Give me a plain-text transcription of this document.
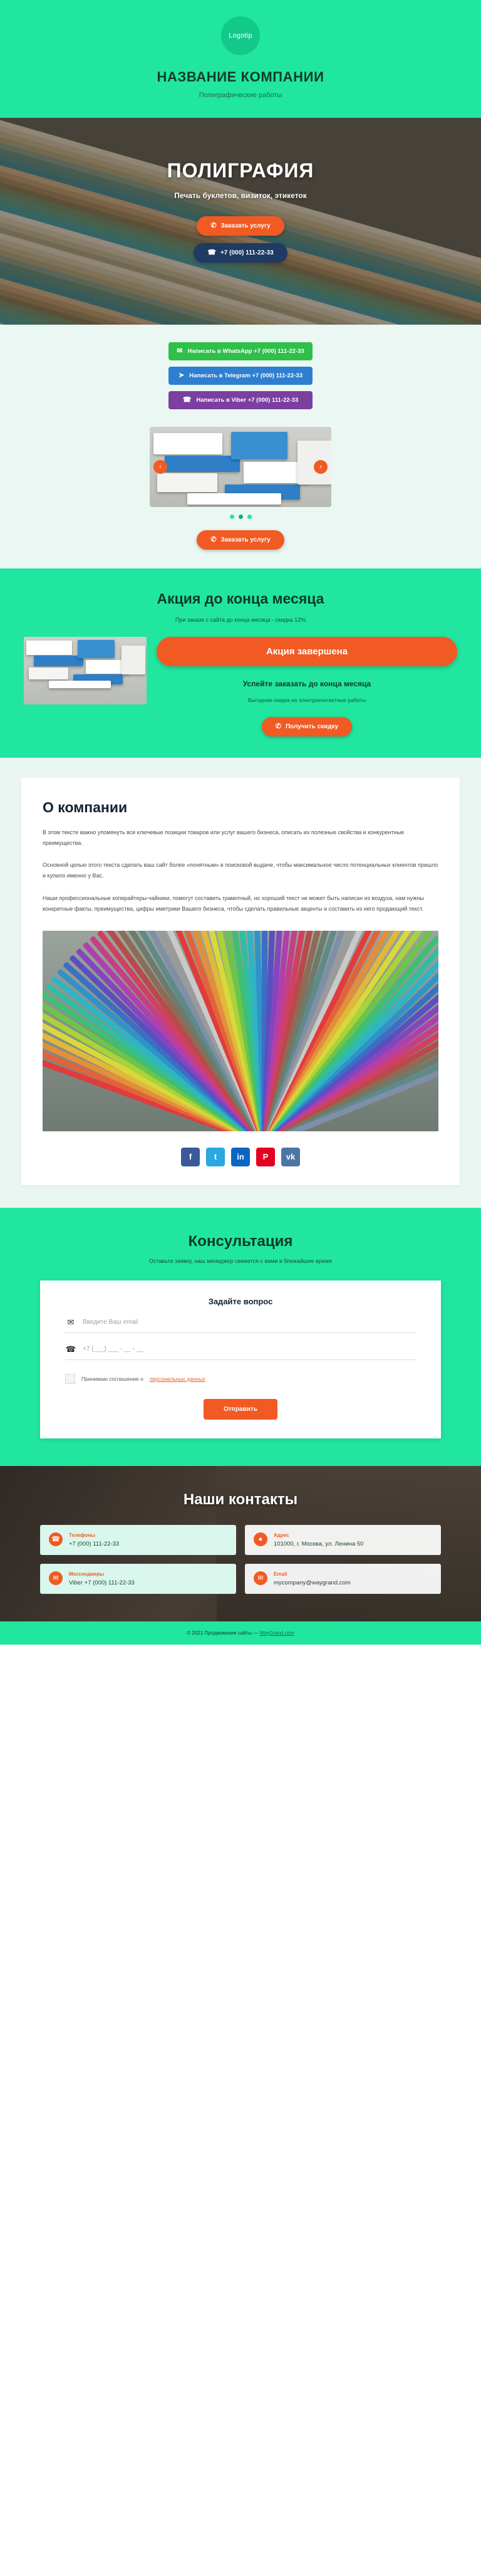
Logotip
НАЗВАНИЕ КОМПАНИИ
Полиграфические работы
ПОЛИГРАФИЯ
Печать буклетов, визиток, этикеток
✆ Заказать услугу
☎ +7 (000) 111-22-33
✉ Написать в WhatsApp +7 (000) 111-22-33
➤ Написать в Telegram +7 (000) 111-22-33
☎ Написать в Viber +7 (000) 111-22-33
‹	›
✆ Заказать услугу
Акция до конца месяца
При заказе с сайта до конца месяца - скидка 12%
Акция завершена
Успейте заказать до конца месяца
Выгодная скидка на электроконтактные работы
✆ Получить скидку
О компании

В этом тексте важно упомянуть все ключевые позиции товаров или услуг вашего бизнеса, описать их полезные свойства и конкурентные преимущества.

Основной целью этого текста сделать ваш сайт более «понятным» в поисковой выдаче, чтобы максимальное число потенциальных клиентов пришло и купило именно у Вас.

Наши профессиональные копирайтеры-чайники, помогут составить грамотный, но хороший текст не может быть написан из воздуха, нам нужны конкретные факты, преимущества, цифры иметрики Вашего бизнеса, чтобы сделать правильные акценты и составить из него продающий текст.

f	t	in	P	vk
Консультация
Оставьте заявку, наш менеджер свяжется с вами в ближайшее время
Задайте вопрос
✉
Введите Ваш email
☎
+7 (___) ___ - __ - __
Принимаю соглашение о персональных данных
Отправить
Наши контакты
☎
Телефоны
+7 (000) 111-22-33
●
Адрес
101000, г. Москва, ул. Ленина 50
✉
Мессенджеры
Viber +7 (000) 111-22-33
✉
Email
mycompany@waygrand.com
© 2021 Продвижение сайты — WayGrand.com
